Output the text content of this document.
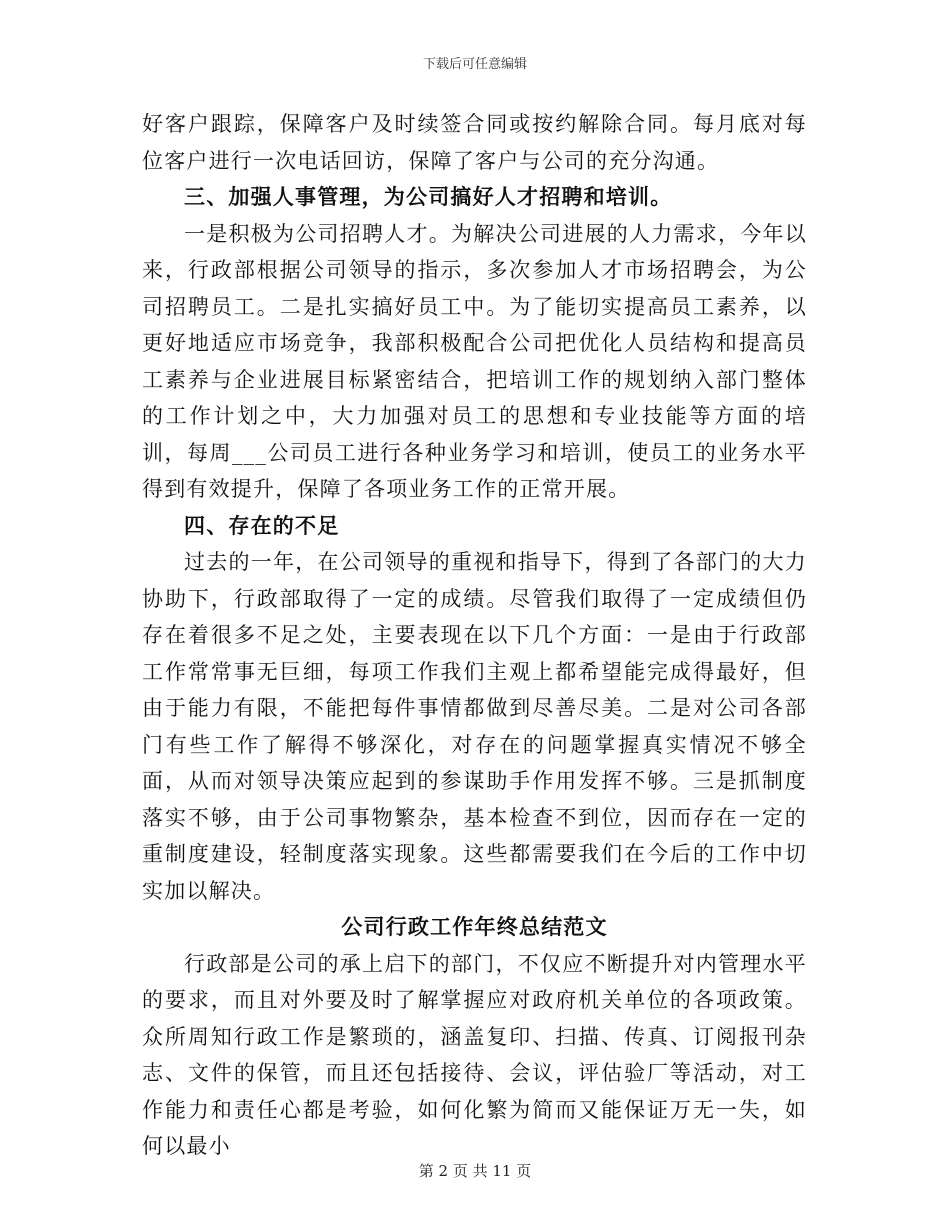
下载后可任意编辑

好客户跟踪，保障客户及时续签合同或按约解除合同。每月底对每位客户进行一次电话回访，保障了客户与公司的充分沟通。

三、加强人事管理，为公司搞好人才招聘和培训。

一是积极为公司招聘人才。为解决公司进展的人力需求，今年以来，行政部根据公司领导的指示，多次参加人才市场招聘会，为公司招聘员工。二是扎实搞好员工中。为了能切实提高员工素养，以更好地适应市场竞争，我部积极配合公司把优化人员结构和提高员工素养与企业进展目标紧密结合，把培训工作的规划纳入部门整体的工作计划之中，大力加强对员工的思想和专业技能等方面的培训，每周___公司员工进行各种业务学习和培训，使员工的业务水平得到有效提升，保障了各项业务工作的正常开展。

四、存在的不足

过去的一年，在公司领导的重视和指导下，得到了各部门的大力协助下，行政部取得了一定的成绩。尽管我们取得了一定成绩但仍存在着很多不足之处，主要表现在以下几个方面：一是由于行政部工作常常事无巨细，每项工作我们主观上都希望能完成得最好，但由于能力有限，不能把每件事情都做到尽善尽美。二是对公司各部门有些工作了解得不够深化，对存在的问题掌握真实情况不够全面，从而对领导决策应起到的参谋助手作用发挥不够。三是抓制度落实不够，由于公司事物繁杂，基本检查不到位，因而存在一定的重制度建设，轻制度落实现象。这些都需要我们在今后的工作中切实加以解决。

公司行政工作年终总结范文

行政部是公司的承上启下的部门，不仅应不断提升对内管理水平的要求，而且对外要及时了解掌握应对政府机关单位的各项政策。众所周知行政工作是繁琐的，涵盖复印、扫描、传真、订阅报刊杂志、文件的保管，而且还包括接待、会议，评估验厂等活动，对工作能力和责任心都是考验，如何化繁为简而又能保证万无一失，如何以最小

第 2 页 共 11 页
